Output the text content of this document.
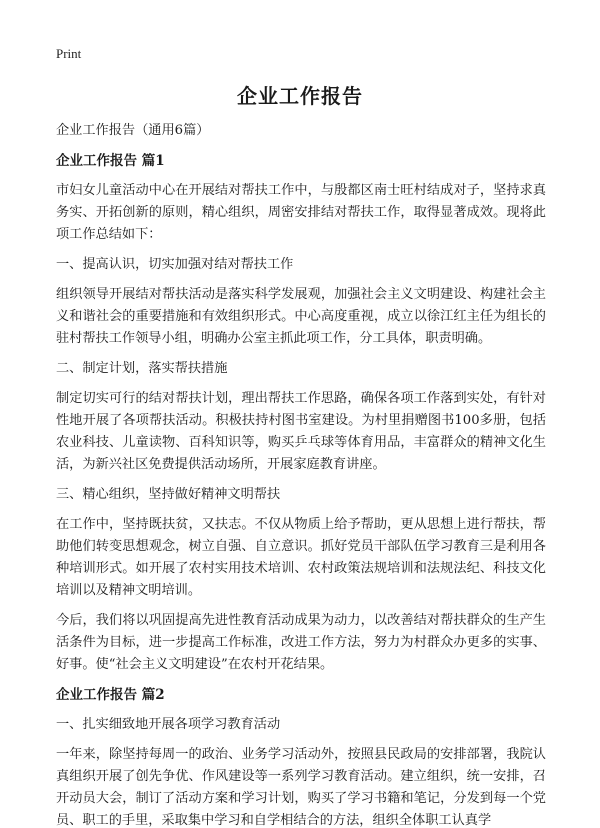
Print
企业工作报告

企业工作报告（通用6篇）

企业工作报告 篇1

市妇女儿童活动中心在开展结对帮扶工作中，与殷都区南士旺村结成对子，坚持求真务实、开拓创新的原则，精心组织，周密安排结对帮扶工作，取得显著成效。现将此项工作总结如下：

一、提高认识，切实加强对结对帮扶工作

组织领导开展结对帮扶活动是落实科学发展观，加强社会主义文明建设、构建社会主义和谐社会的重要措施和有效组织形式。中心高度重视，成立以徐江红主任为组长的驻村帮扶工作领导小组，明确办公室主抓此项工作，分工具体，职责明确。

二、制定计划，落实帮扶措施

制定切实可行的结对帮扶计划，理出帮扶工作思路，确保各项工作落到实处，有针对性地开展了各项帮扶活动。积极扶持村图书室建设。为村里捐赠图书100多册，包括农业科技、儿童读物、百科知识等，购买乒乓球等体育用品，丰富群众的精神文化生活，为新兴社区免费提供活动场所，开展家庭教育讲座。

三、精心组织，坚持做好精神文明帮扶

在工作中，坚持既扶贫，又扶志。不仅从物质上给予帮助，更从思想上进行帮扶，帮助他们转变思想观念，树立自强、自立意识。抓好党员干部队伍学习教育三是利用各种培训形式。如开展了农村实用技术培训、农村政策法规培训和法规法纪、科技文化培训以及精神文明培训。

今后，我们将以巩固提高先进性教育活动成果为动力，以改善结对帮扶群众的生产生活条件为目标，进一步提高工作标准，改进工作方法，努力为村群众办更多的实事、好事。使“社会主义文明建设”在农村开花结果。

企业工作报告 篇2

一、扎实细致地开展各项学习教育活动

一年来，除坚持每周一的政治、业务学习活动外，按照县民政局的安排部署，我院认真组织开展了创先争优、作风建设等一系列学习教育活动。建立组织，统一安排，召开动员大会，制订了活动方案和学习计划，购买了学习书籍和笔记，分发到每一个党员、职工的手里，采取集中学习和自学相结合的方法，组织全体职工认真学
